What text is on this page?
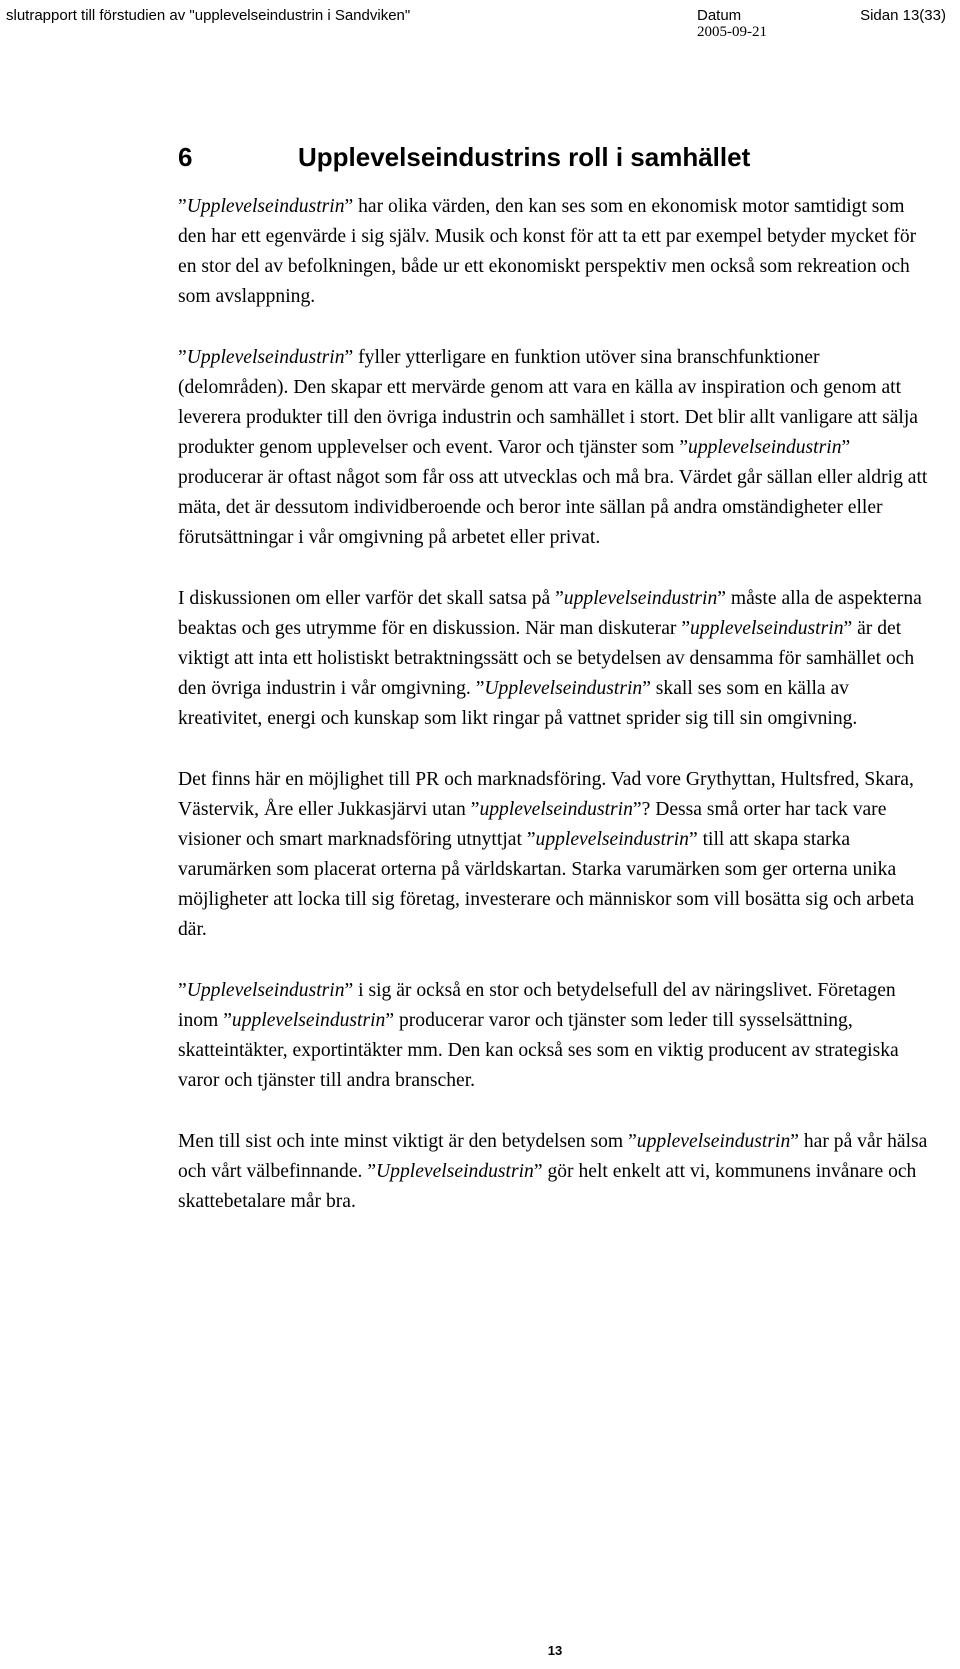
slutrapport till förstudien av "upplevelseindustrin i Sandviken"	Datum
2005-09-21
Sidan 13(33)
6	Upplevelseindustrins roll i samhället

”Upplevelseindustrin” har olika värden, den kan ses som en ekonomisk motor samtidigt som den har ett egenvärde i sig själv. Musik och konst för att ta ett par exempel betyder mycket för en stor del av befolkningen, både ur ett ekonomiskt perspektiv men också som rekreation och som avslappning.

”Upplevelseindustrin” fyller ytterligare en funktion utöver sina branschfunktioner (delområden). Den skapar ett mervärde genom att vara en källa av inspiration och genom att leverera produkter till den övriga industrin och samhället i stort. Det blir allt vanligare att sälja produkter genom upplevelser och event. Varor och tjänster som ”upplevelseindustrin” producerar är oftast något som får oss att utvecklas och må bra. Värdet går sällan eller aldrig att mäta, det är dessutom individberoende och beror inte sällan på andra omständigheter eller förutsättningar i vår omgivning på arbetet eller privat.

I diskussionen om eller varför det skall satsa på ”upplevelseindustrin” måste alla de aspekterna beaktas och ges utrymme för en diskussion. När man diskuterar ”upplevelseindustrin” är det viktigt att inta ett holistiskt betraktningssätt och se betydelsen av densamma för samhället och den övriga industrin i vår omgivning. ”Upplevelseindustrin” skall ses som en källa av kreativitet, energi och kunskap som likt ringar på vattnet sprider sig till sin omgivning.

Det finns här en möjlighet till PR och marknadsföring. Vad vore Grythyttan, Hultsfred, Skara, Västervik, Åre eller Jukkasjärvi utan ”upplevelseindustrin”? Dessa små orter har tack vare visioner och smart marknadsföring utnyttjat ”upplevelseindustrin” till att skapa starka varumärken som placerat orterna på världskartan. Starka varumärken som ger orterna unika möjligheter att locka till sig företag, investerare och människor som vill bosätta sig och arbeta där.

”Upplevelseindustrin” i sig är också en stor och betydelsefull del av näringslivet. Företagen inom ”upplevelseindustrin” producerar varor och tjänster som leder till sysselsättning, skatteintäkter, exportintäkter mm. Den kan också ses som en viktig producent av strategiska varor och tjänster till andra branscher.

Men till sist och inte minst viktigt är den betydelsen som ”upplevelseindustrin” har på vår hälsa och vårt välbefinnande. ”Upplevelseindustrin” gör helt enkelt att vi, kommunens invånare och skattebetalare mår bra.

13
